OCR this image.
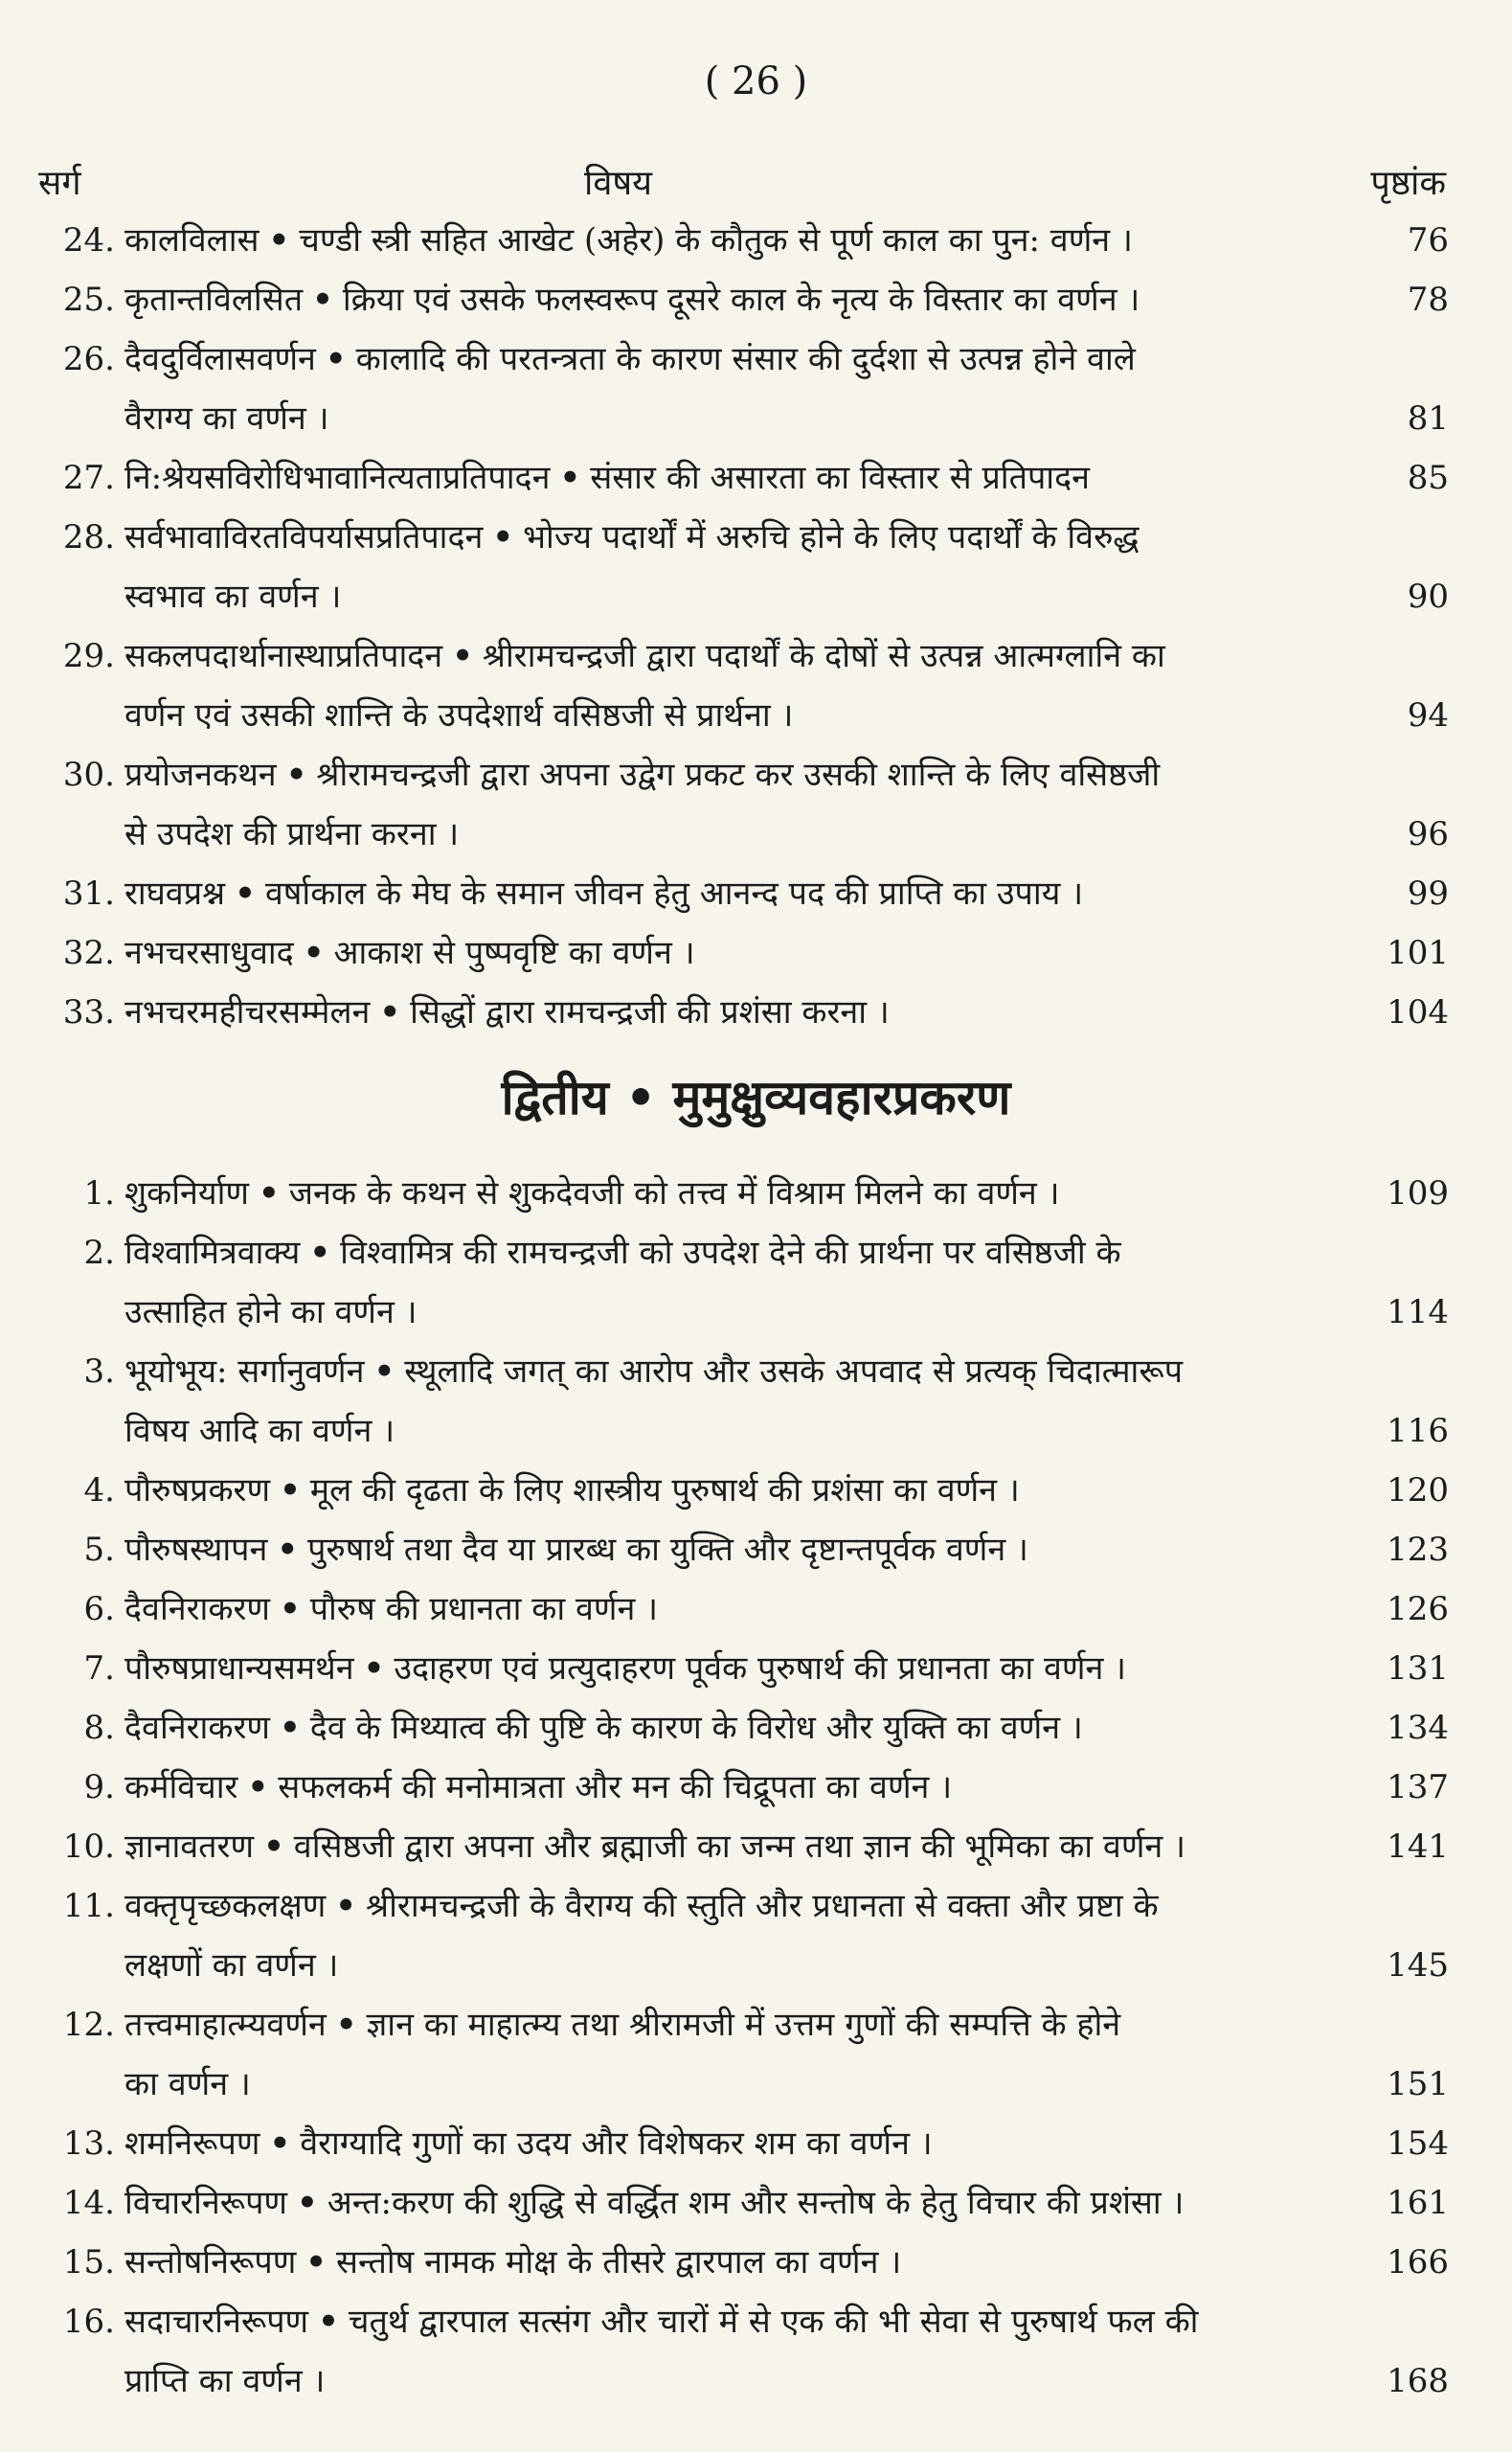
( 26 )
सर्ग	विषय	पृष्ठांक
24. कालविलास • चण्डी स्त्री सहित आखेट (अहेर) के कौतुक से पूर्ण काल का पुन: वर्णन ।	76
25. कृतान्तविलसित • क्रिया एवं उसके फलस्वरूप दूसरे काल के नृत्य के विस्तार का वर्णन ।	78
26. दैवदुर्विलासवर्णन • कालादि की परतन्त्रता के कारण संसार की दुर्दशा से उत्पन्न होने वाले
वैराग्य का वर्णन ।	81
27. नि:श्रेयसविरोधिभावानित्यताप्रतिपादन • संसार की असारता का विस्तार से प्रतिपादन	85
28. सर्वभावाविरतविपर्यासप्रतिपादन • भोज्य पदार्थों में अरुचि होने के लिए पदार्थों के विरुद्ध
स्वभाव का वर्णन ।	90
29. सकलपदार्थानास्थाप्रतिपादन • श्रीरामचन्द्रजी द्वारा पदार्थों के दोषों से उत्पन्न आत्मग्लानि का
वर्णन एवं उसकी शान्ति के उपदेशार्थ वसिष्ठजी से प्रार्थना ।	94
30. प्रयोजनकथन • श्रीरामचन्द्रजी द्वारा अपना उद्वेग प्रकट कर उसकी शान्ति के लिए वसिष्ठजी
से उपदेश की प्रार्थना करना ।	96
31. राघवप्रश्न • वर्षाकाल के मेघ के समान जीवन हेतु आनन्द पद की प्राप्ति का उपाय ।	99
32. नभचरसाधुवाद • आकाश से पुष्पवृष्टि का वर्णन ।	101
33. नभचरमहीचरसम्मेलन • सिद्धों द्वारा रामचन्द्रजी की प्रशंसा करना ।	104
द्वितीय • मुमुक्षुव्यवहारप्रकरण
1. शुकनिर्याण • जनक के कथन से शुकदेवजी को तत्त्व में विश्राम मिलने का वर्णन ।	109
2. विश्वामित्रवाक्य • विश्वामित्र की रामचन्द्रजी को उपदेश देने की प्रार्थना पर वसिष्ठजी के
उत्साहित होने का वर्णन ।	114
3. भूयोभूय: सर्गानुवर्णन • स्थूलादि जगत् का आरोप और उसके अपवाद से प्रत्यक् चिदात्मारूप
विषय आदि का वर्णन ।	116
4. पौरुषप्रकरण • मूल की दृढता के लिए शास्त्रीय पुरुषार्थ की प्रशंसा का वर्णन ।	120
5. पौरुषस्थापन • पुरुषार्थ तथा दैव या प्रारब्ध का युक्ति और दृष्टान्तपूर्वक वर्णन ।	123
6. दैवनिराकरण • पौरुष की प्रधानता का वर्णन ।	126
7. पौरुषप्राधान्यसमर्थन • उदाहरण एवं प्रत्युदाहरण पूर्वक पुरुषार्थ की प्रधानता का वर्णन ।	131
8. दैवनिराकरण • दैव के मिथ्यात्व की पुष्टि के कारण के विरोध और युक्ति का वर्णन ।	134
9. कर्मविचार • सफलकर्म की मनोमात्रता और मन की चिद्रूपता का वर्णन ।	137
10. ज्ञानावतरण • वसिष्ठजी द्वारा अपना और ब्रह्माजी का जन्म तथा ज्ञान की भूमिका का वर्णन ।	141
11. वक्तृपृच्छकलक्षण • श्रीरामचन्द्रजी के वैराग्य की स्तुति और प्रधानता से वक्ता और प्रष्टा के
लक्षणों का वर्णन ।	145
12. तत्त्वमाहात्म्यवर्णन • ज्ञान का माहात्म्य तथा श्रीरामजी में उत्तम गुणों की सम्पत्ति के होने
का वर्णन ।	151
13. शमनिरूपण • वैराग्यादि गुणों का उदय और विशेषकर शम का वर्णन ।	154
14. विचारनिरूपण • अन्त:करण की शुद्धि से वर्द्धित शम और सन्तोष के हेतु विचार की प्रशंसा ।	161
15. सन्तोषनिरूपण • सन्तोष नामक मोक्ष के तीसरे द्वारपाल का वर्णन ।	166
16. सदाचारनिरूपण • चतुर्थ द्वारपाल सत्संग और चारों में से एक की भी सेवा से पुरुषार्थ फल की
प्राप्ति का वर्णन ।	168
